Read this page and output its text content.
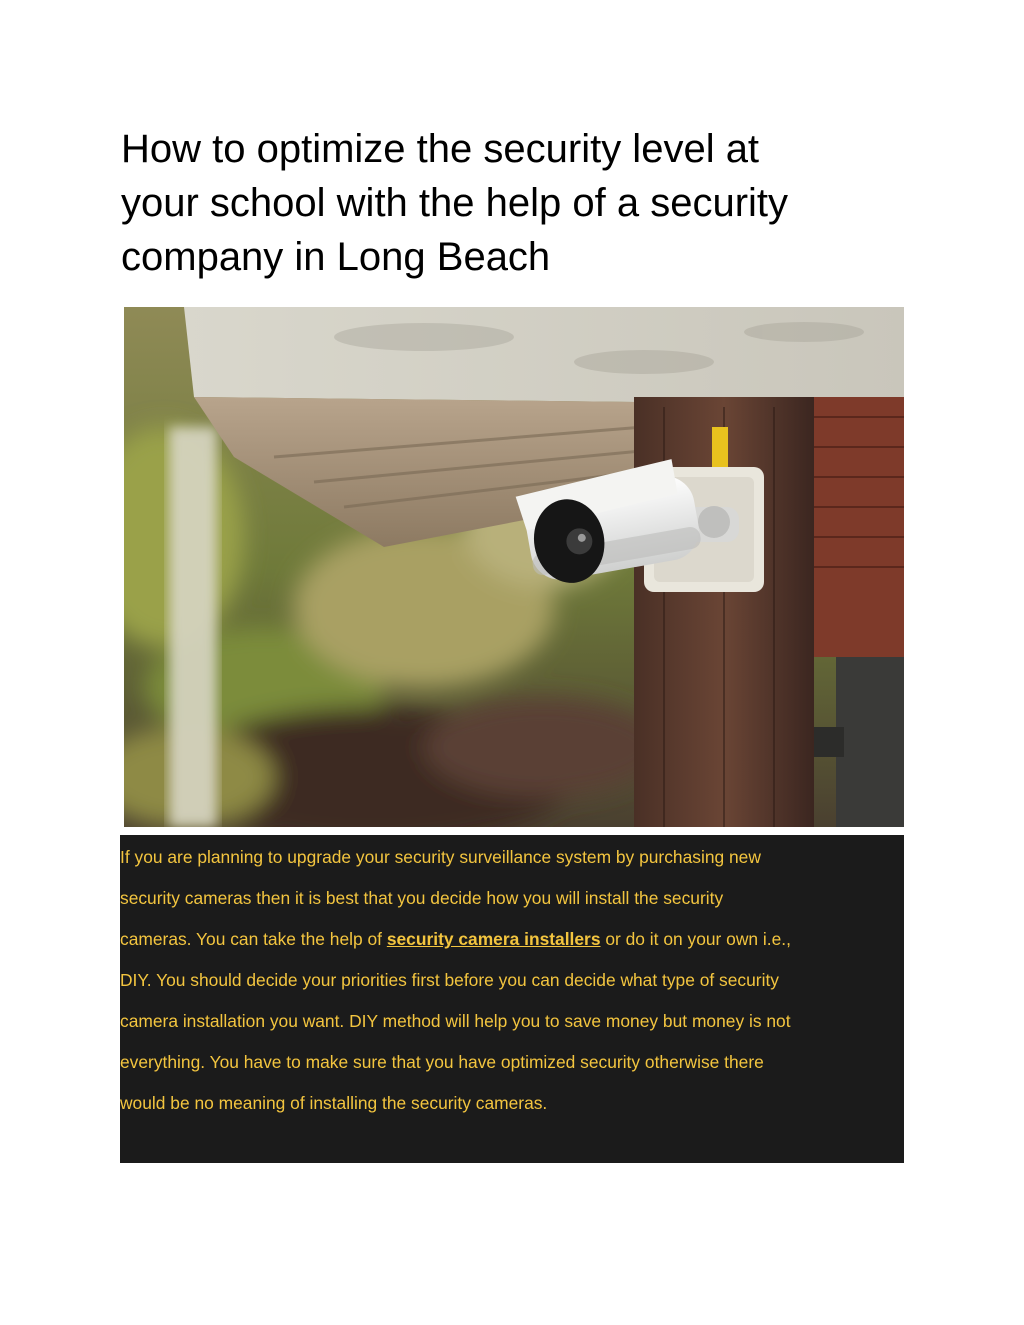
How to optimize the security level at
your school with the help of a security
company in Long Beach

If you are planning to upgrade your security surveillance system by purchasing new
security cameras then it is best that you decide how you will install the security
cameras. You can take the help of security camera installers or do it on your own i.e.,
DIY. You should decide your priorities first before you can decide what type of security
camera installation you want. DIY method will help you to save money but money is not
everything. You have to make sure that you have optimized security otherwise there
would be no meaning of installing the security cameras.
